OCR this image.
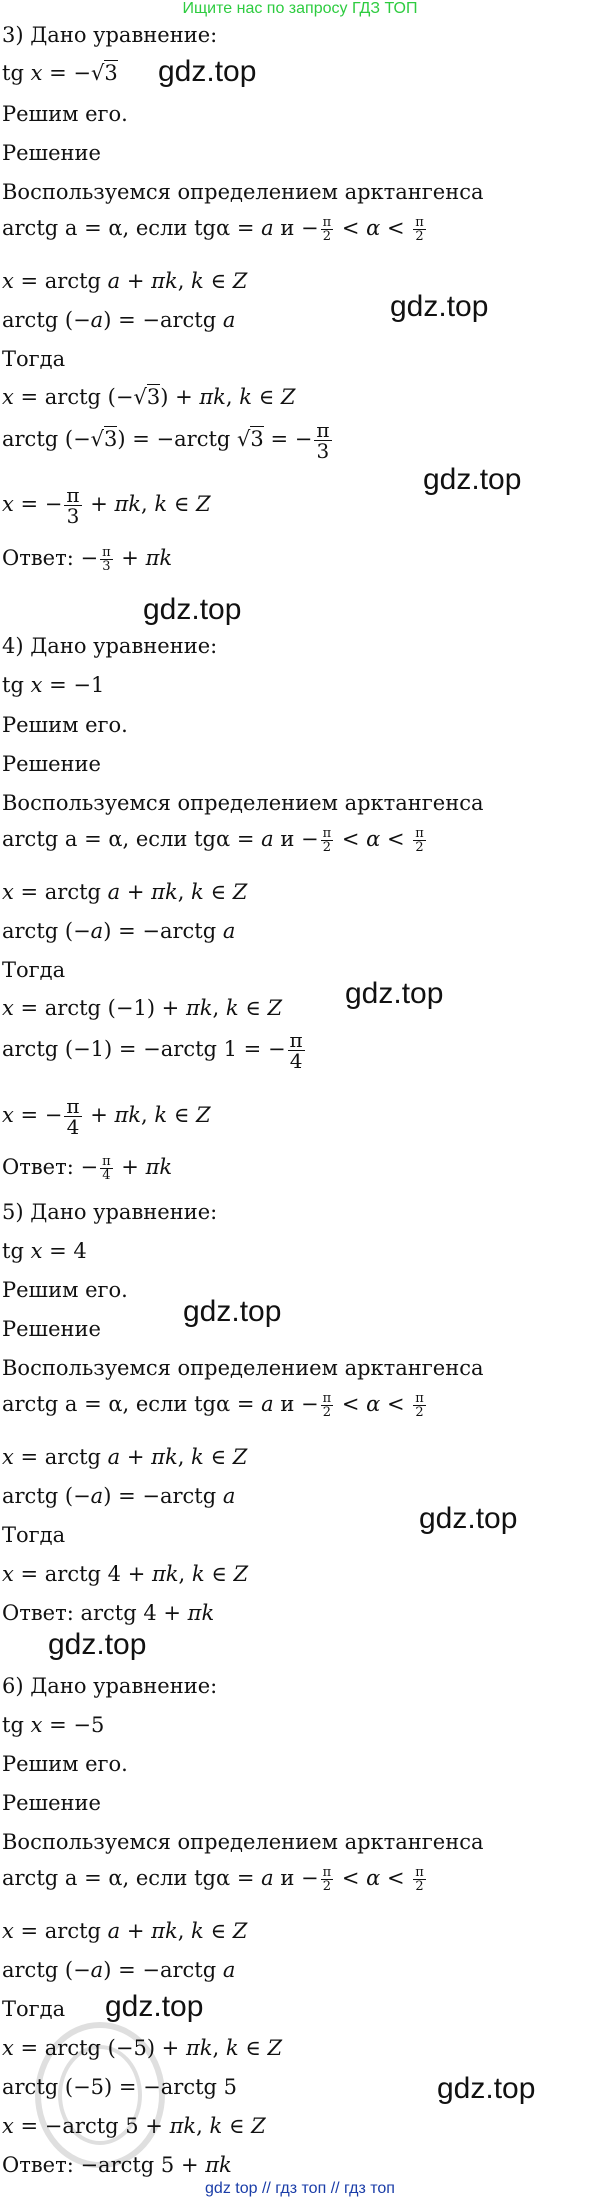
Ищите нас по запросу ГДЗ ТОП
3) Дано уравнение:
tg x = −√3
Решим его.
Решение
Воспользуемся определением арктангенса
arctg a = α, если tgα = a $и - \frac{\pi}{2} < \alpha < \frac{\pi}{2}$
x = arctg a + πk, k ∈ Z
arctg (−a) = −arctg a
Тогда
x = arctg (−√3) + πk, k ∈ Z
arctg (−√3) = −arctg √3 = − $\frac{\pi}{3}$
x = − $\frac{\pi}{3} + \pi k$, k ∈ Z
Ответ: − $\frac{\pi}{3} + \pi k$
4) Дано уравнение:
tg x = −1
Решим его.
Решение
Воспользуемся определением арктангенса
arctg a = α, если tgα = a $и - \frac{\pi}{2} < \alpha < \frac{\pi}{2}$
x = arctg a + πk, k ∈ Z
arctg (−a) = −arctg a
Тогда
x = arctg (−1) + πk, k ∈ Z
arctg (−1) = −arctg 1 = − $\frac{\pi}{4}$
x = − $\frac{\pi}{4} + \pi k$, k ∈ Z
Ответ: − $\frac{\pi}{4} + \pi k$
5) Дано уравнение:
tg x = 4
Решим его.
Решение
Воспользуемся определением арктангенса
arctg a = α, если tgα = a $и - \frac{\pi}{2} < \alpha < \frac{\pi}{2}$
x = arctg a + πk, k ∈ Z
arctg (−a) = −arctg a
Тогда
x = arctg 4 + πk, k ∈ Z
Ответ: arctg 4 + πk
6) Дано уравнение:
tg x = −5
Решим его.
Решение
Воспользуемся определением арктангенса
arctg a = α, если tgα = a $и - \frac{\pi}{2} < \alpha < \frac{\pi}{2}$
x = arctg a + πk, k ∈ Z
arctg (−a) = −arctg a
Тогда
x = arctg (−5) + πk, k ∈ Z
arctg (−5) = −arctg 5
x = −arctg 5 + πk, k ∈ Z
Ответ: −arctg 5 + πk
gdz.top
gdz.top
gdz.top
gdz.top
gdz.top
gdz.top
gdz.top
gdz.top
gdz.top
gdz.top
gdz top // гдз топ // гдз топ
